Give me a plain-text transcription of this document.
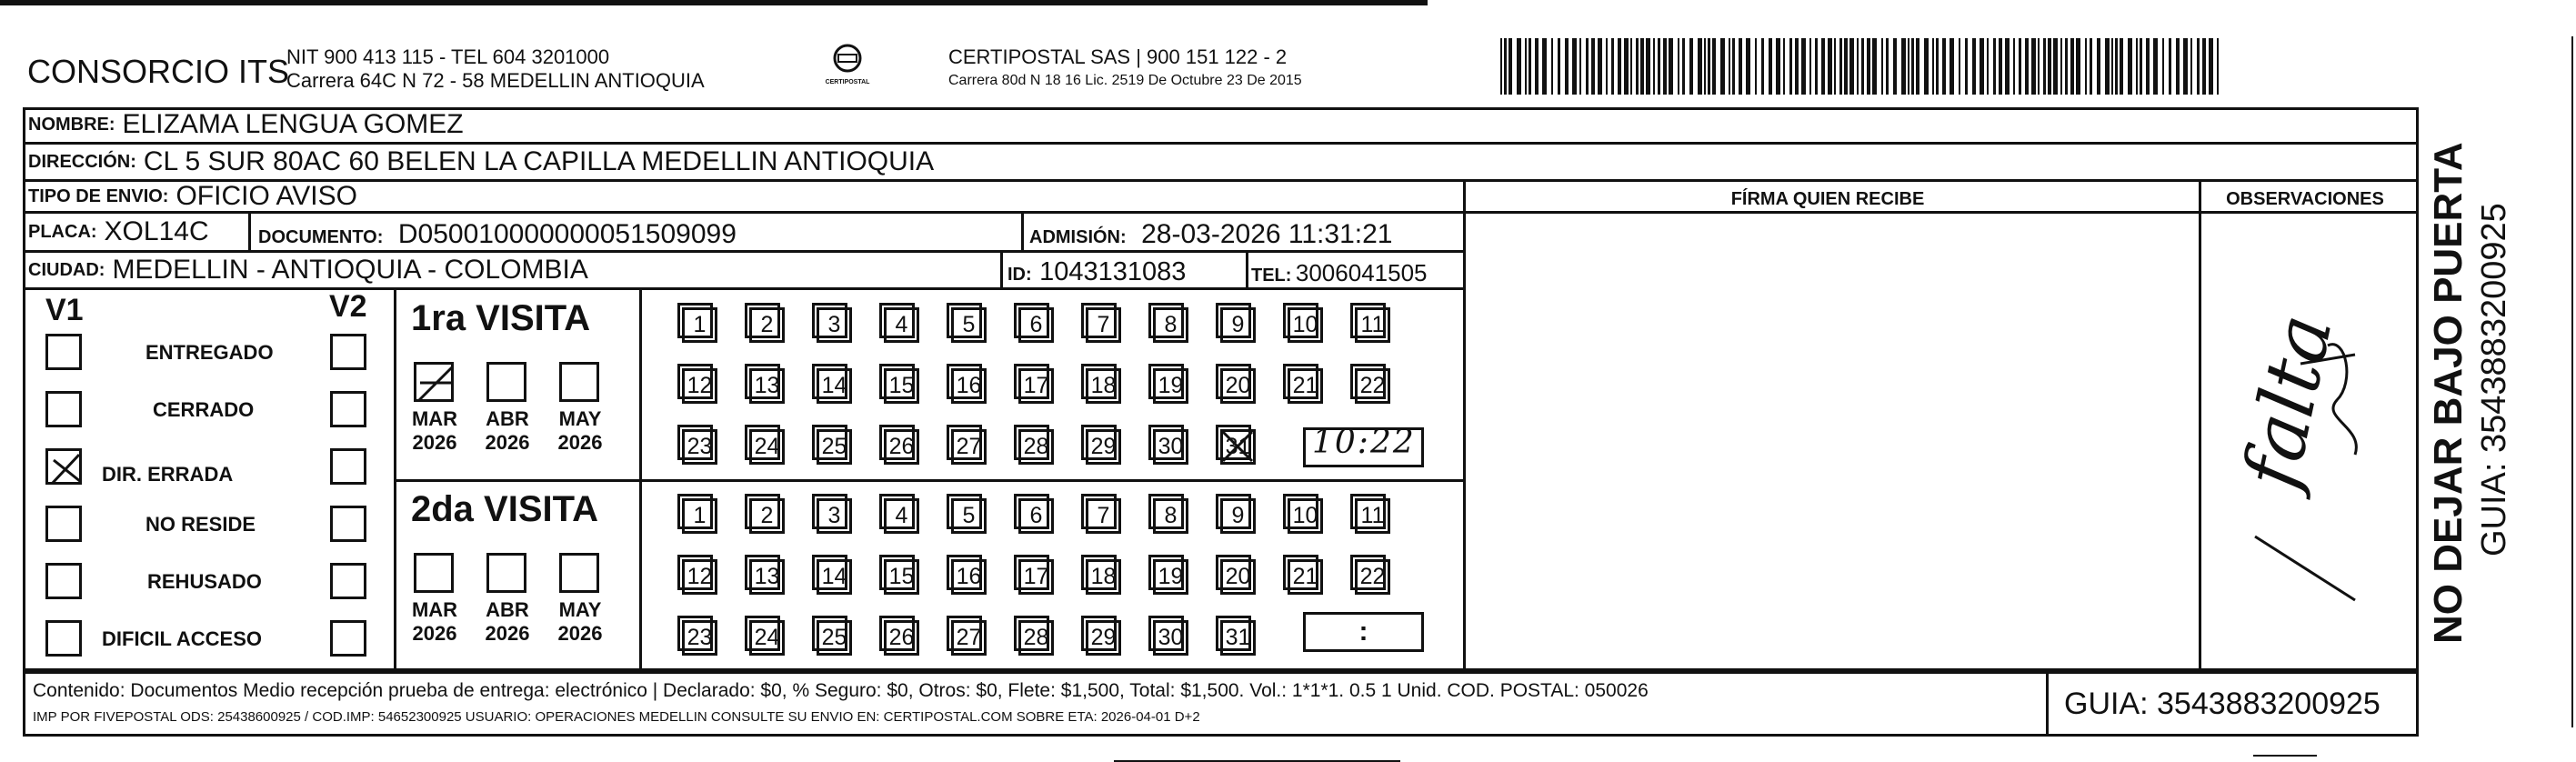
CONSORCIO ITS
NIT 900 413 115 - TEL 604 3201000
Carrera 64C N 72 - 58 MEDELLIN ANTIOQUIA	CERTIPOSTAL
CERTIPOSTAL SAS | 900 151 122 - 2
Carrera 80d N 18 16 Lic. 2519 De Octubre 23 De 2015
NOMBRE: ELIZAMA LENGUA GOMEZ
DIRECCIÓN: CL 5 SUR 80AC 60 BELEN LA CAPILLA MEDELLIN ANTIOQUIA
TIPO DE ENVIO: OFICIO AVISO	FÍRMA QUIEN RECIBE	OBSERVACIONES
PLACA: XOL14C	DOCUMENTO: D050010000000051509099	ADMISIÓN: 28-03-2026 11:31:21
CIUDAD: MEDELLIN - ANTIOQUIA - COLOMBIA	ID: 1043131083	TEL: 3006041505
V1	V2
ENTREGADO
CERRADO
DIR. ERRADA
NO RESIDE
REHUSADO
DIFICIL ACCESO
1ra VISITA
2da VISITA
MAR
2026
ABR
2026
MAY
2026
MAR
2026
ABR
2026
MAY
2026
1	2	3	4	5	6	7	8	9	10 11
12 13 14 15 16 17 18 19 20 21 22
23 24 25 26 27 28 29 30 31
1	2	3	4	5	6	7	8	9	10 11
12 13 14 15 16 17 18 19 20 21 22
23 24 25 26 27 28 29 30 31
10:22
:
falta
Contenido: Documentos Medio recepción prueba de entrega: electrónico | Declarado: $0, % Seguro: $0, Otros: $0, Flete: $1,500, Total: $1,500. Vol.: 1*1*1. 0.5 1 Unid. COD. POSTAL: 050026
IMP POR FIVEPOSTAL ODS: 25438600925 / COD.IMP: 54652300925 USUARIO: OPERACIONES MEDELLIN CONSULTE SU ENVIO EN: CERTIPOSTAL.COM SOBRE ETA: 2026-04-01 D+2	GUIA: 3543883200925
NO DEJAR BAJO PUERTA GUIA: 3543883200925
